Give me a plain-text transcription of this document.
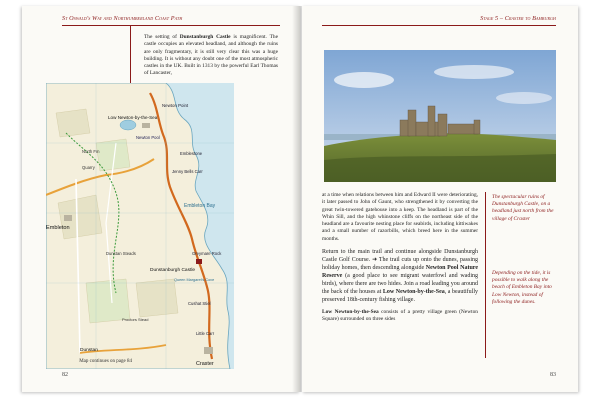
St Oswald's Way and Northumberland Coast Path
The setting of Dunstanburgh Castle is magnificent. The castle occupies an elevated headland, and although the ruins are only fragmentary, it is still very clear this was a huge building. It is without any doubt one of the most atmospheric castles in the UK. Built in 1313 by the powerful Earl Thomas of Lancaster,
Newton Pool
Newton Point
Low Newton-by-the-Sea
Emblestone
Jenny Bells Carr
North Fm
Quarry
Embleton Bay
Embleton
Dunstan Steads	Greymare Rock
Dunstanburgh Castle
Queen Margaret's Cove
Cushat Stiel
Proctors Stead
Little Carr
Dunstan
Craster
Map continues on page 84
82
Stage 5 – Craster to Bamburgh

at a time when relations between him and Edward II were deteriorating, it later passed to John of Gaunt, who strengthened it by converting the great twin-towered gatehouse into a keep. The headland is part of the Whin Sill, and the high whinstone cliffs on the northeast side of the headland are a favourite nesting place for seabirds, including kittiwakes and a small number of razorbills, which breed here in the summer months.

Return to the main trail and continue alongside Dunstanburgh Castle Golf Course. ➜ The trail cuts up onto the dunes, passing holiday homes, then descending alongside Newton Pool Nature Reserve (a good place to see migrant waterfowl and wading birds), where there are two hides. Join a road leading you around the back of the houses at Low Newton-by-the-Sea, a beautifully preserved 18th-century fishing village.

Low Newton-by-the-Sea consists of a pretty village green (Newton Square) surrounded on three sides

The spectacular ruins of Dunstanburgh Castle, on a headland just north from the village of Craster
Depending on the tide, it is possible to walk along the beach of Embleton Bay into Low Newton, instead of following the dunes.
83
